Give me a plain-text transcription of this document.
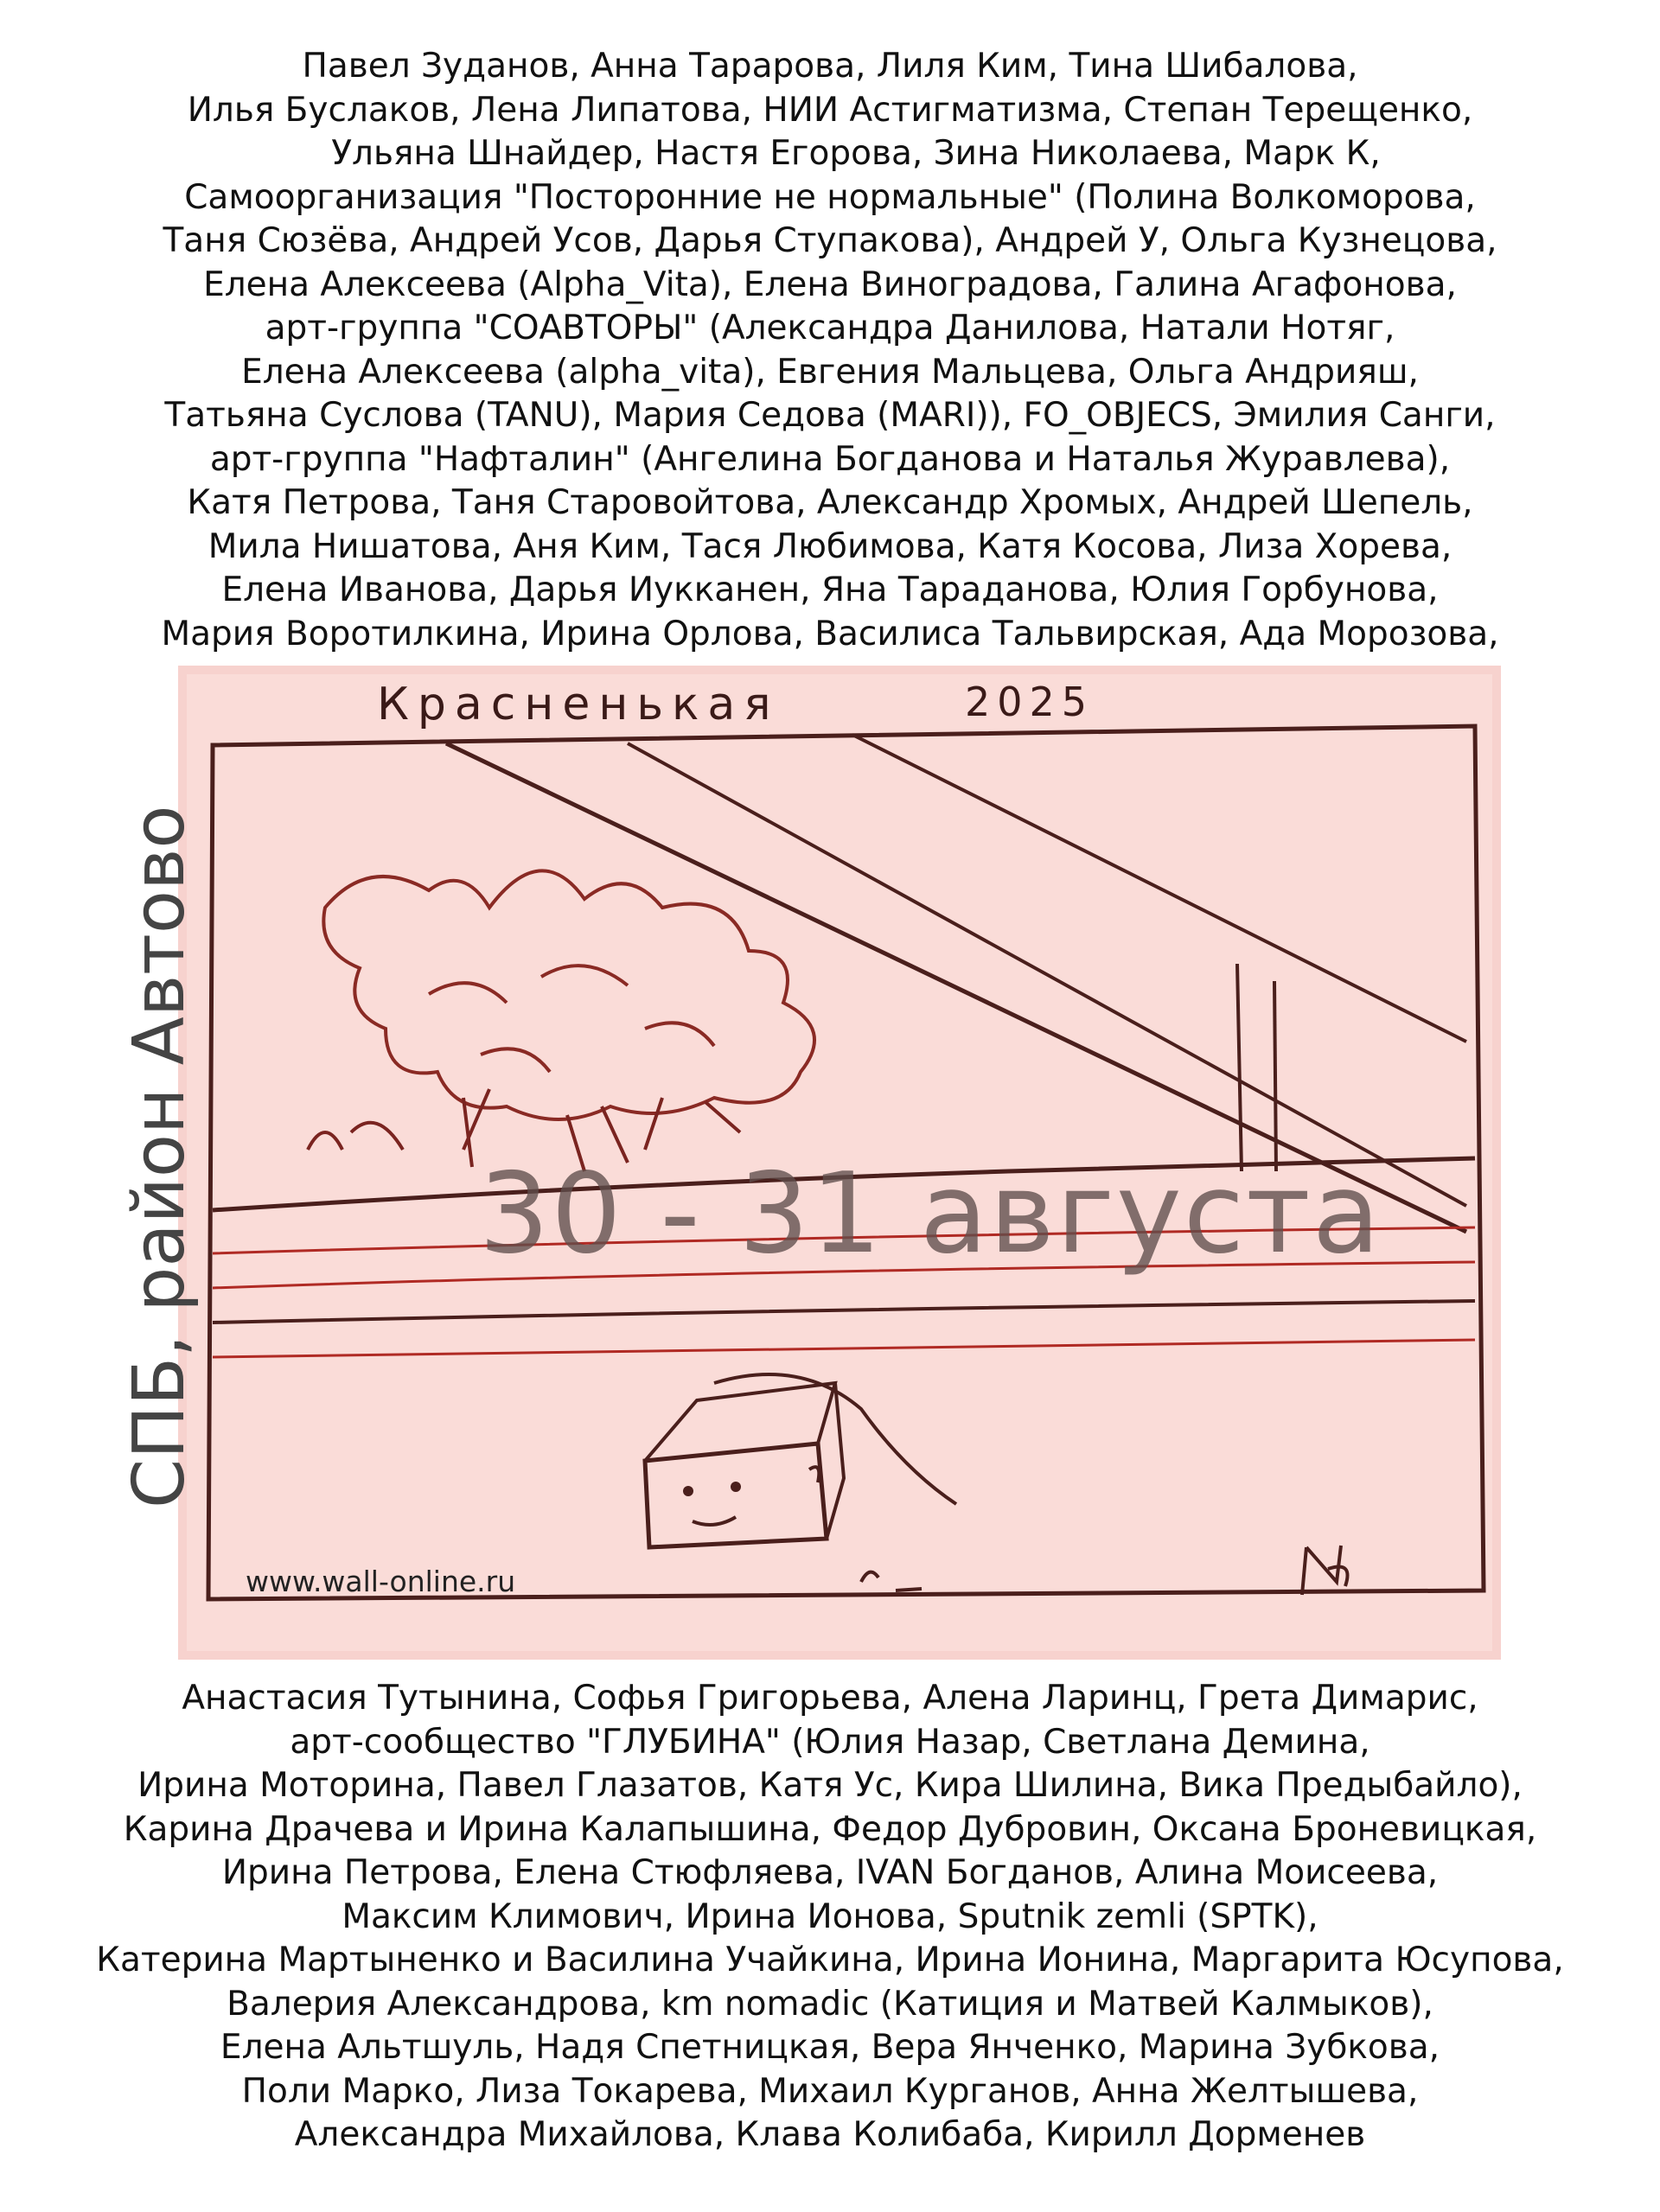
Павел Зуданов, Анна Тарарова, Лиля Ким, Тина Шибалова,
Илья Буслаков, Лена Липатова, НИИ Астигматизма, Степан Терещенко,
Ульяна Шнайдер, Настя Егорова, Зина Николаева, Марк К,
Самоорганизация "Посторонние не нормальные" (Полина Волкоморова,
Таня Сюзёва, Андрей Усов, Дарья Ступакова), Андрей У, Ольга Кузнецова,
Елена Алексеева (Alpha_Vita), Елена Виноградова, Галина Агафонова,
арт-группа "СОАВТОРЫ" (Александра Данилова, Натали Нотяг,
Елена Алексеева (alpha_vita), Евгения Мальцева, Ольга Андрияш,
Татьяна Суслова (TANU), Мария Седова (MARI)), FO_OBJECS, Эмилия Санги,
арт-группа "Нафталин" (Ангелина Богданова и Наталья Журавлева),
Катя Петрова, Таня Старовойтова, Александр Хромых, Андрей Шепель,
Мила Нишатова, Аня Ким, Тася Любимова, Катя Косова, Лиза Хорева,
Елена Иванова, Дарья Иукканен, Яна Тараданова, Юлия Горбунова,
Мария Воротилкина, Ирина Орлова, Василиса Тальвирская, Ада Морозова,
Красненькая	2025
30 - 31 августа
www.wall-online.ru
СПБ, район Автово
Анастасия Тутынина, Софья Григорьева, Алена Ларинц, Грета Димарис,
арт-сообщество "ГЛУБИНА" (Юлия Назар, Светлана Демина,
Ирина Моторина, Павел Глазатов, Катя Ус, Кира Шилина, Вика Предыбайло),
Карина Драчева и Ирина Калапышина, Федор Дубровин, Оксана Броневицкая,
Ирина Петрова, Елена Стюфляева, IVAN Богданов, Алина Моисеева,
Максим Климович, Ирина Ионова, Sputnik zemli (SPTK),
Катерина Мартыненко и Василина Учайкина, Ирина Ионина, Маргарита Юсупова,
Валерия Александрова, km nomadic (Катиция и Матвей Калмыков),
Елена Альтшуль, Надя Спетницкая, Вера Янченко, Марина Зубкова,
Поли Марко, Лиза Токарева, Михаил Курганов, Анна Желтышева,
Александра Михайлова, Клава Колибаба, Кирилл Дорменев
